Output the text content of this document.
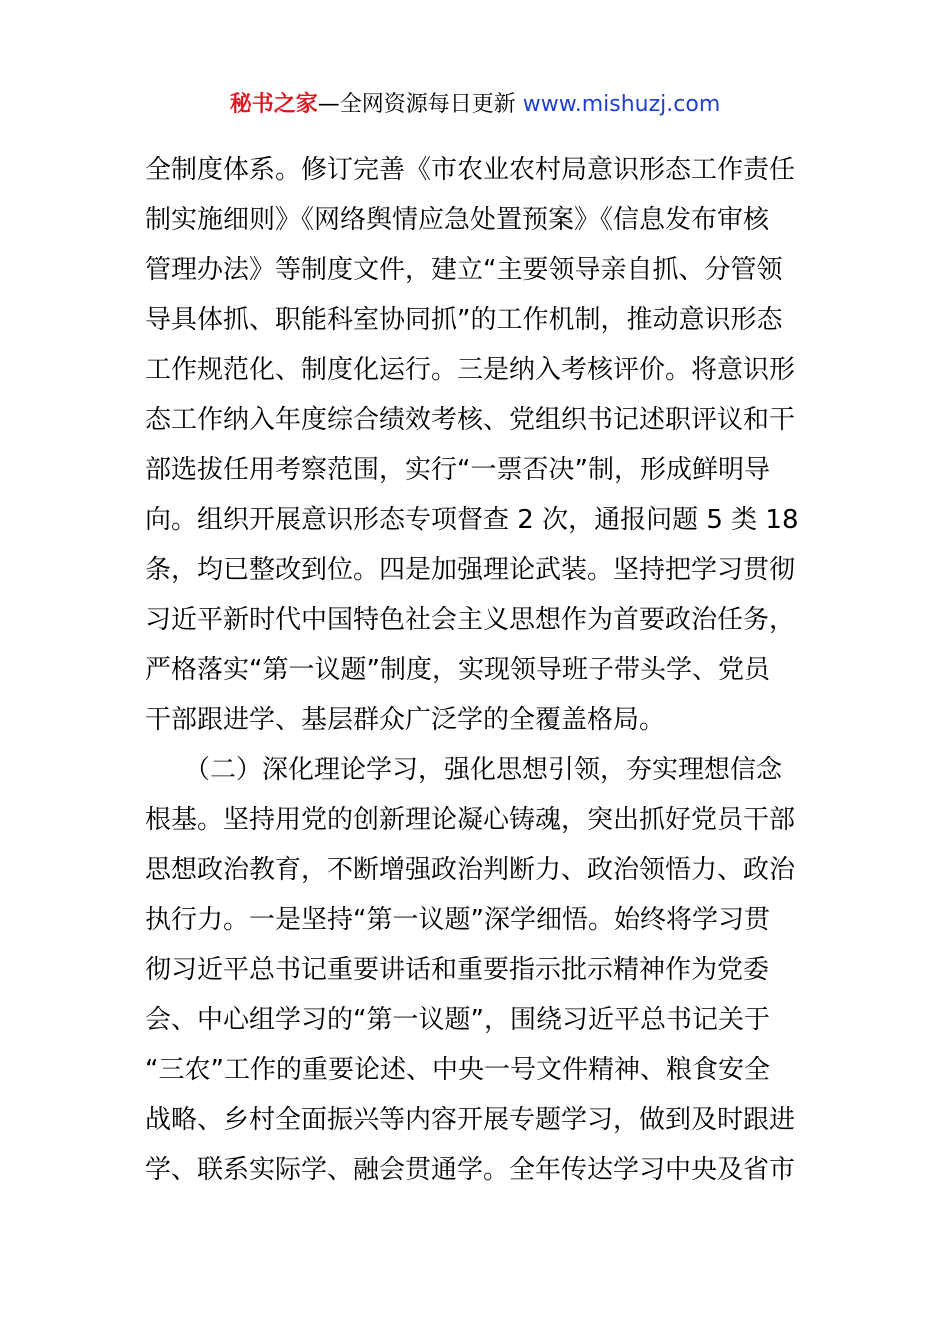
秘书之家—全网资源每日更新 www.mishuzj.com
全制度体系。修订完善《市农业农村局意识形态工作责任
制实施细则》《网络舆情应急处置预案》《信息发布审核
管理办法》等制度文件，建立“主要领导亲自抓、分管领
导具体抓、职能科室协同抓”的工作机制，推动意识形态
工作规范化、制度化运行。三是纳入考核评价。将意识形
态工作纳入年度综合绩效考核、党组织书记述职评议和干
部选拔任用考察范围，实行“一票否决”制，形成鲜明导
向。组织开展意识形态专项督查 2 次，通报问题 5 类 18
条，均已整改到位。四是加强理论武装。坚持把学习贯彻
习近平新时代中国特色社会主义思想作为首要政治任务，
严格落实“第一议题”制度，实现领导班子带头学、党员
干部跟进学、基层群众广泛学的全覆盖格局。
　　（二）深化理论学习，强化思想引领，夯实理想信念
根基。坚持用党的创新理论凝心铸魂，突出抓好党员干部
思想政治教育，不断增强政治判断力、政治领悟力、政治
执行力。一是坚持“第一议题”深学细悟。始终将学习贯
彻习近平总书记重要讲话和重要指示批示精神作为党委
会、中心组学习的“第一议题”，围绕习近平总书记关于
“三农”工作的重要论述、中央一号文件精神、粮食安全
战略、乡村全面振兴等内容开展专题学习，做到及时跟进
学、联系实际学、融会贯通学。全年传达学习中央及省市
